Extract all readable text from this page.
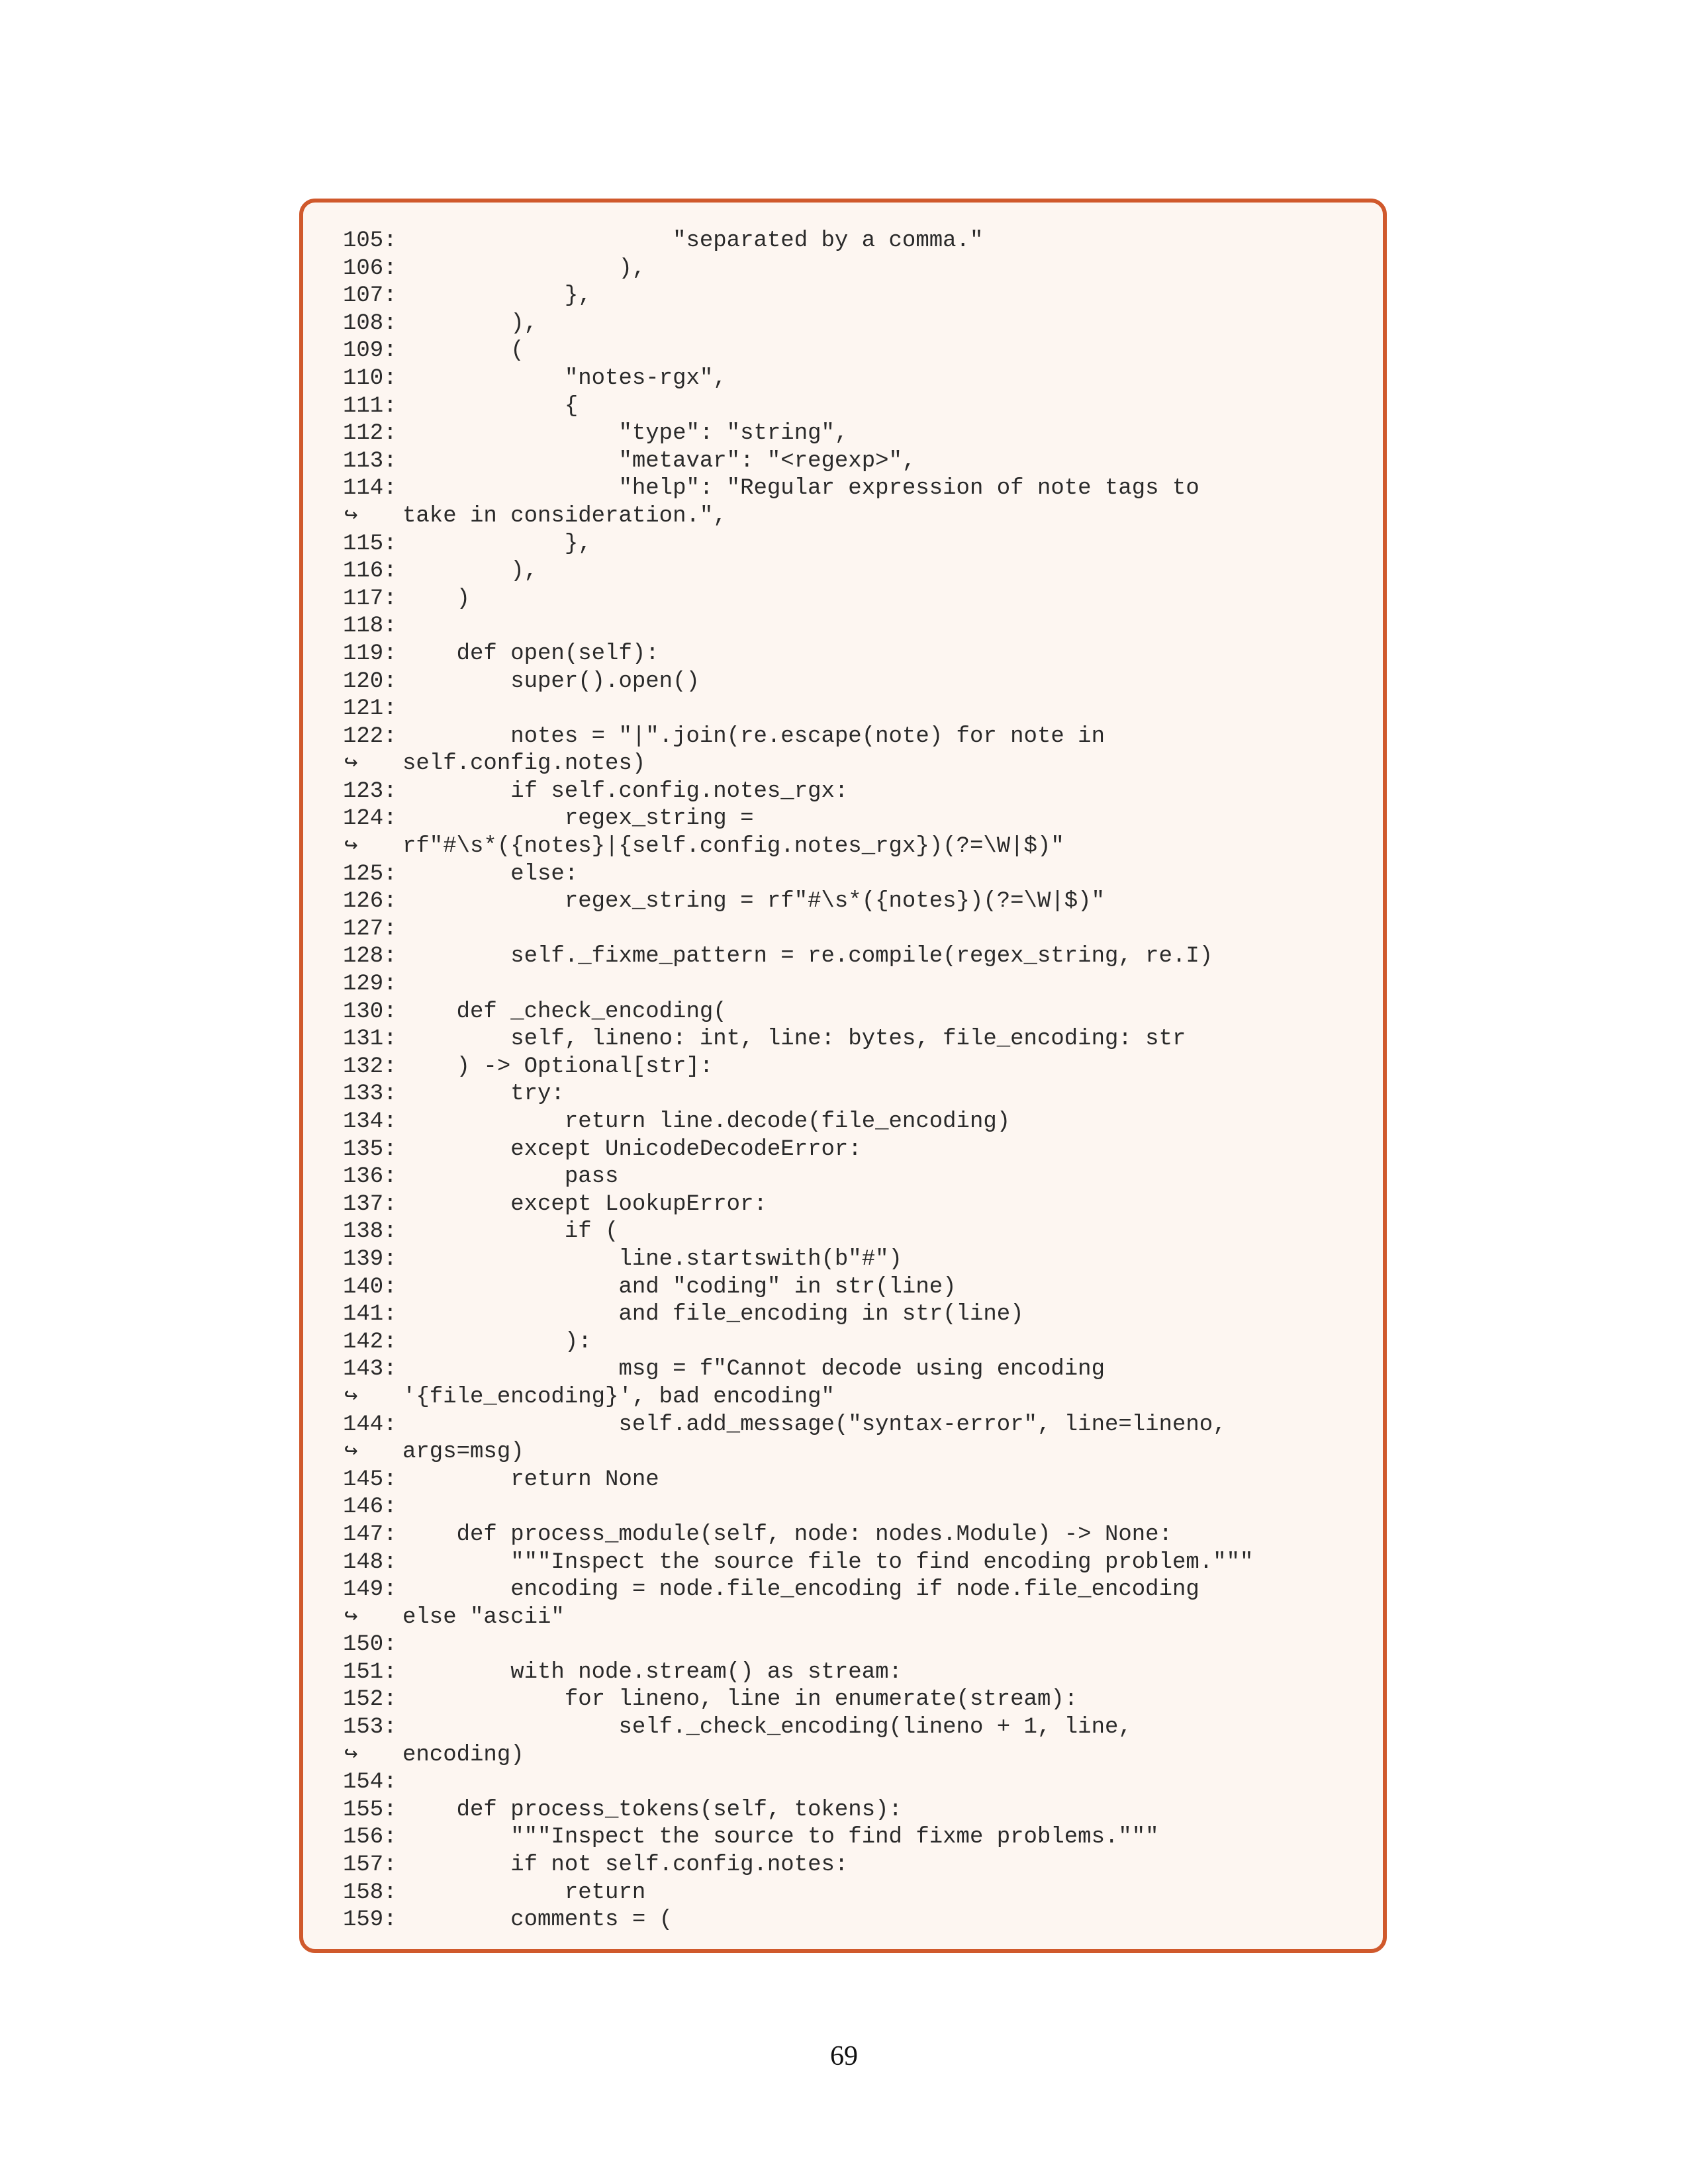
105: "separated by a comma."
106: ),
107: },
108: ),
109: (
110: "notes-rgx",
111: {
112: "type": "string",
113: "metavar": "<regexp>",
114: "help": "Regular expression of note tags to
↪ take in consideration.",
115: },
116: ),
117: )
118:
119: def open(self):
120: super().open()
121:
122: notes = "|".join(re.escape(note) for note in
↪ self.config.notes)
123: if self.config.notes_rgx:
124: regex_string =
↪ rf"#\s*({notes}|{self.config.notes_rgx})(?=\W|$)"
125: else:
126: regex_string = rf"#\s*({notes})(?=\W|$)"
127:
128: self._fixme_pattern = re.compile(regex_string, re.I)
129:
130: def _check_encoding(
131: self, lineno: int, line: bytes, file_encoding: str
132: ) -> Optional[str]:
133: try:
134: return line.decode(file_encoding)
135: except UnicodeDecodeError:
136: pass
137: except LookupError:
138: if (
139: line.startswith(b"#")
140: and "coding" in str(line)
141: and file_encoding in str(line)
142: ):
143: msg = f"Cannot decode using encoding
↪ '{file_encoding}', bad encoding"
144: self.add_message("syntax-error", line=lineno,
↪ args=msg)
145: return None
146:
147: def process_module(self, node: nodes.Module) -> None:
148: """Inspect the source file to find encoding problem."""
149: encoding = node.file_encoding if node.file_encoding
↪ else "ascii"
150:
151: with node.stream() as stream:
152: for lineno, line in enumerate(stream):
153: self._check_encoding(lineno + 1, line,
↪ encoding)
154:
155: def process_tokens(self, tokens):
156: """Inspect the source to find fixme problems."""
157: if not self.config.notes:
158: return
159: comments = (
69
